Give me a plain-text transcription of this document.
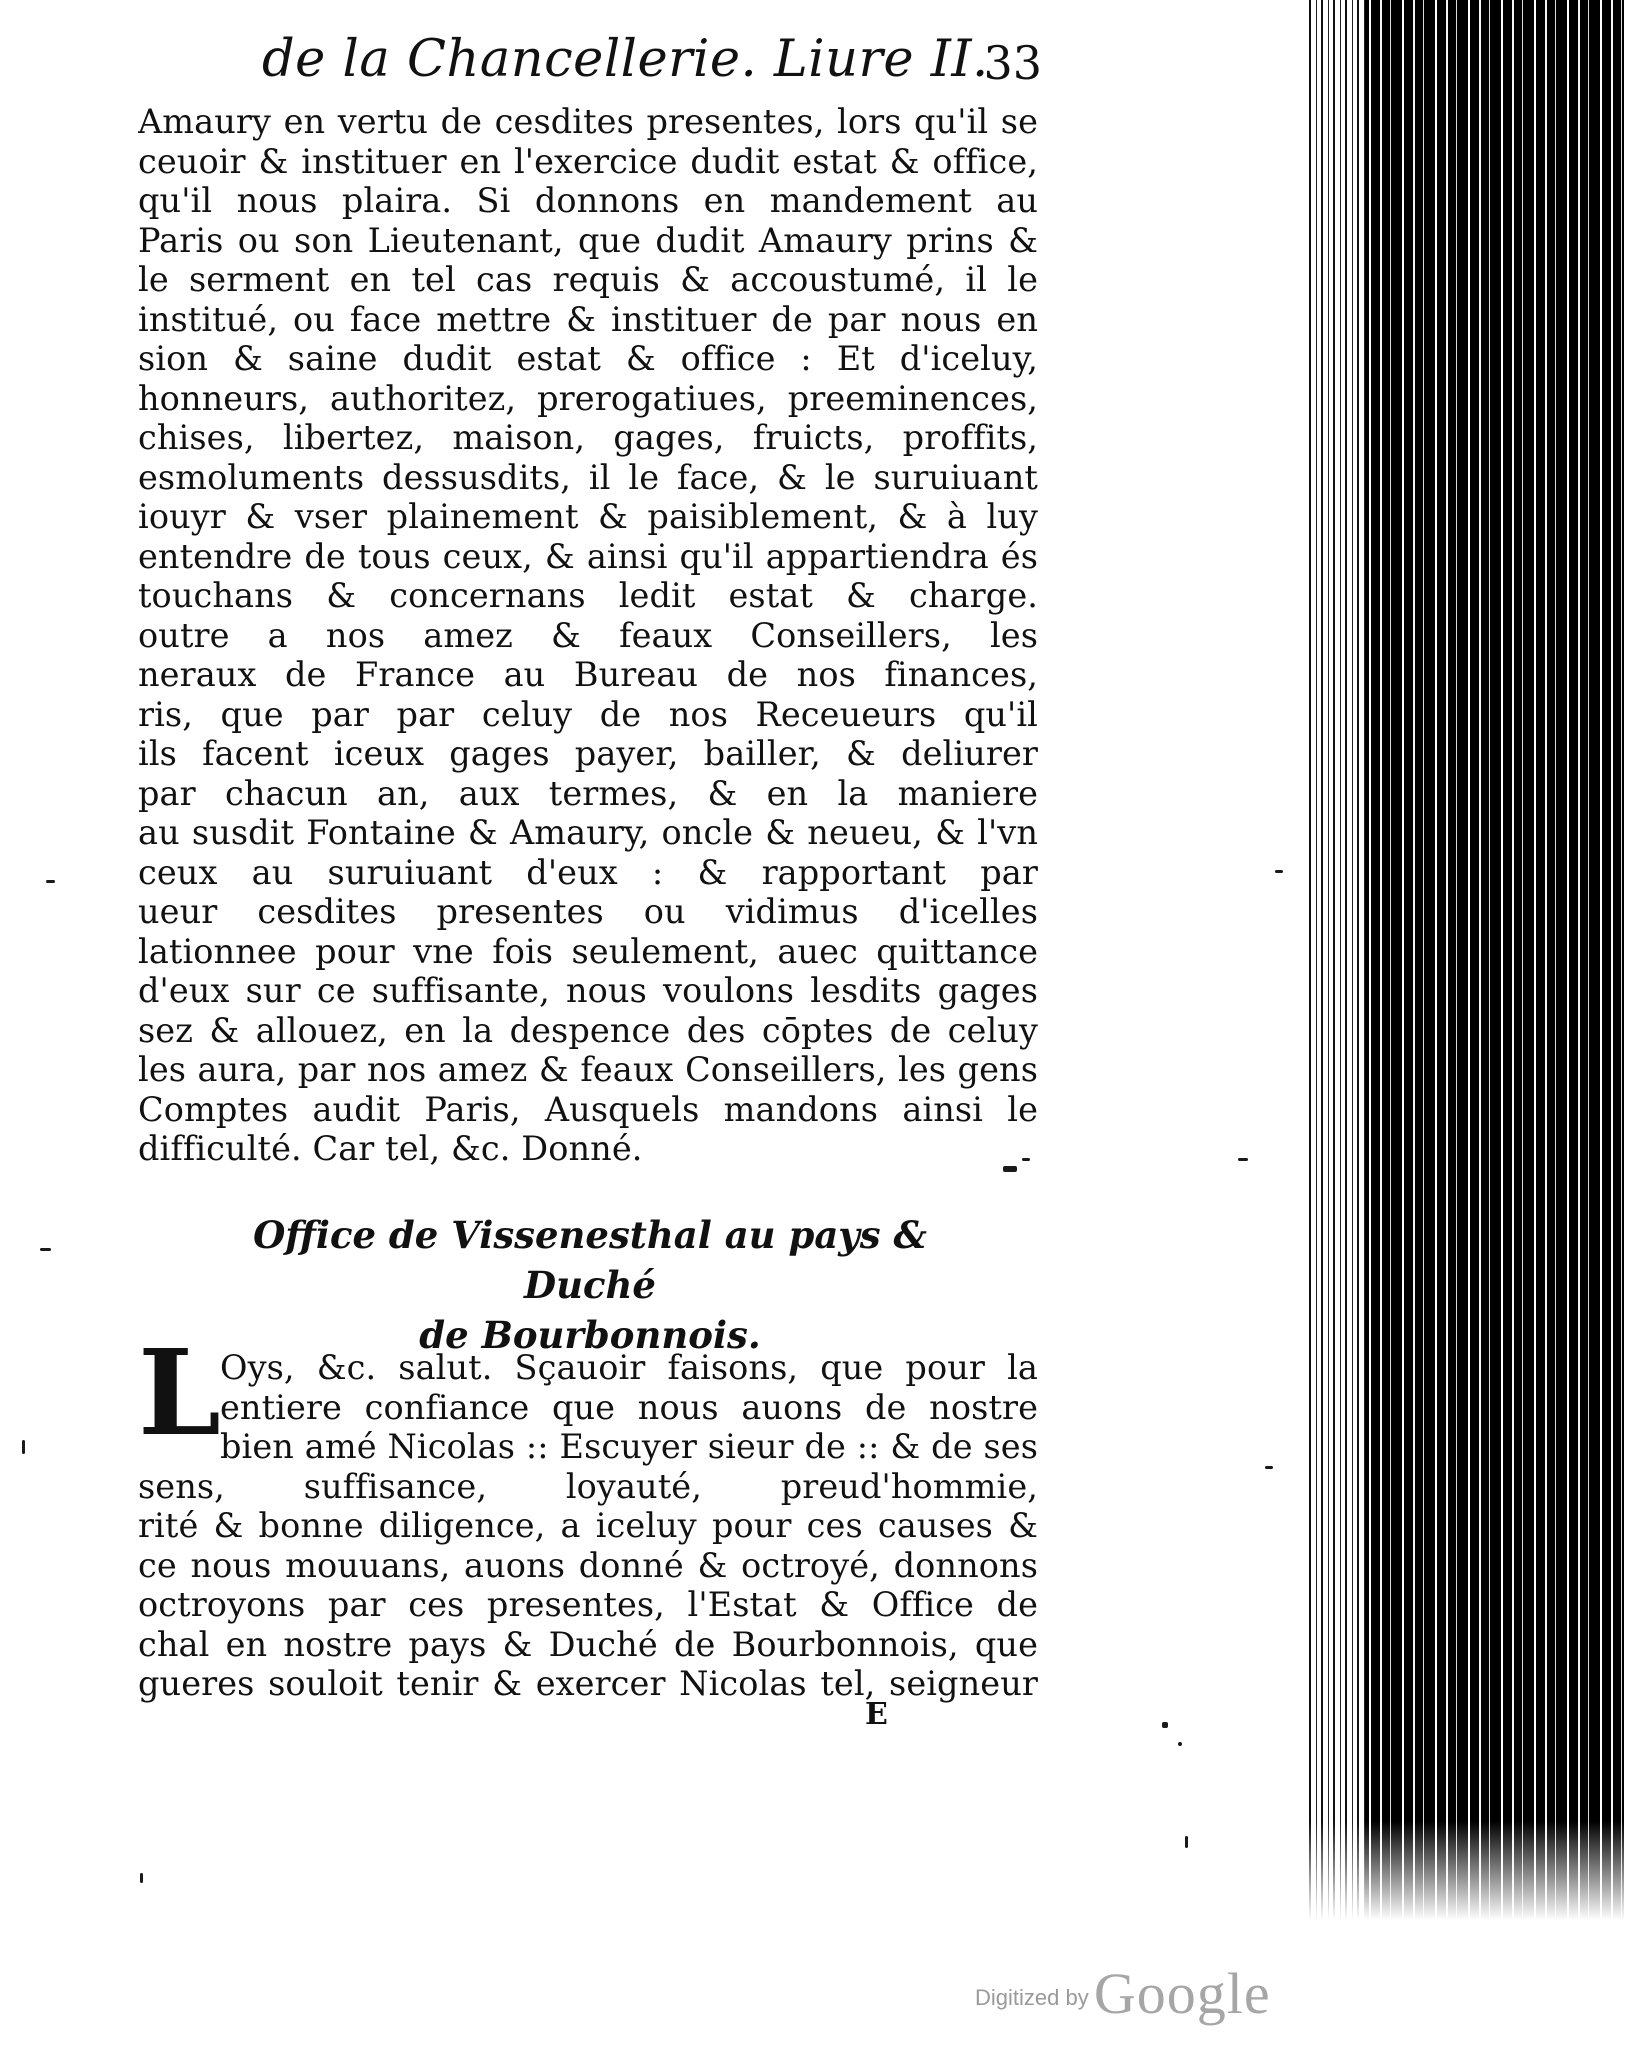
de la Chancellerie. Liure II.
33
Amaury en vertu de cesdites presentes, lors qu'il se
ceuoir & instituer en l'exercice dudit estat & office,
qu'il nous plaira. Si donnons en mandement au
Paris ou son Lieutenant, que dudit Amaury prins &
le serment en tel cas requis & accoustumé, il le
institué, ou face mettre & instituer de par nous en
sion & saine dudit estat & office : Et d'iceluy,
honneurs, authoritez, prerogatiues, preeminences,
chises, libertez, maison, gages, fruicts, proffits,
esmoluments dessusdits, il le face, & le suruiuant
iouyr & vser plainement & paisiblement, & à luy
entendre de tous ceux, & ainsi qu'il appartiendra és
touchans & concernans ledit estat & charge.
outre a nos amez & feaux Conseillers, les
neraux de France au Bureau de nos finances,
ris, que par par celuy de nos Receueurs qu'il
ils facent iceux gages payer, bailler, & deliurer
par chacun an, aux termes, & en la maniere
au susdit Fontaine & Amaury, oncle & neueu, & l'vn
ceux au suruiuant d'eux : & rapportant par
ueur cesdites presentes ou vidimus d'icelles
lationnee pour vne fois seulement, auec quittance
d'eux sur ce suffisante, nous voulons lesdits gages
sez & allouez, en la despence des cōptes de celuy
les aura, par nos amez & feaux Conseillers, les gens
Comptes audit Paris, Ausquels mandons ainsi le
difficulté. Car tel, &c. Donné.
Office de Vissenesthal au pays & Duché
de Bourbonnois.
L Oys, &c. salut. Sçauoir faisons, que pour la
entiere confiance que nous auons de nostre
bien amé Nicolas :: Escuyer sieur de :: & de ses
sens, suffisance, loyauté, preud'hommie,
rité & bonne diligence, a iceluy pour ces causes &
ce nous mouuans, auons donné & octroyé, donnons
octroyons par ces presentes, l'Estat & Office de
chal en nostre pays & Duché de Bourbonnois, que
gueres souloit tenir & exercer Nicolas tel, seigneur
E
Digitized by Google
